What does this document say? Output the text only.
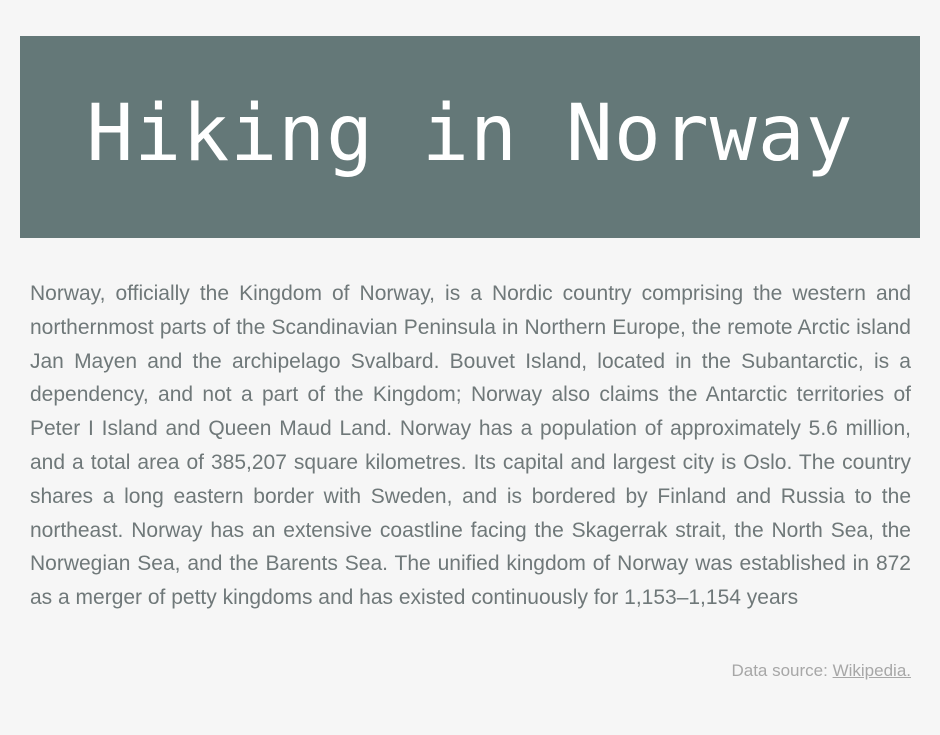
Hiking in Norway

Norway, officially the Kingdom of Norway, is a Nordic country comprising the western and northernmost parts of the Scandinavian Peninsula in Northern Europe, the remote Arctic island Jan Mayen and the archipelago Svalbard. Bouvet Island, located in the Subantarctic, is a dependency, and not a part of the Kingdom; Norway also claims the Antarctic territories of Peter I Island and Queen Maud Land. Norway has a population of approximately 5.6 million, and a total area of 385,207 square kilometres. Its capital and largest city is Oslo. The country shares a long eastern border with Sweden, and is bordered by Finland and Russia to the northeast. Norway has an extensive coastline facing the Skagerrak strait, the North Sea, the Norwegian Sea, and the Barents Sea. The unified kingdom of Norway was established in 872 as a merger of petty kingdoms and has existed continuously for 1,153–1,154 years

Data source: Wikipedia.
